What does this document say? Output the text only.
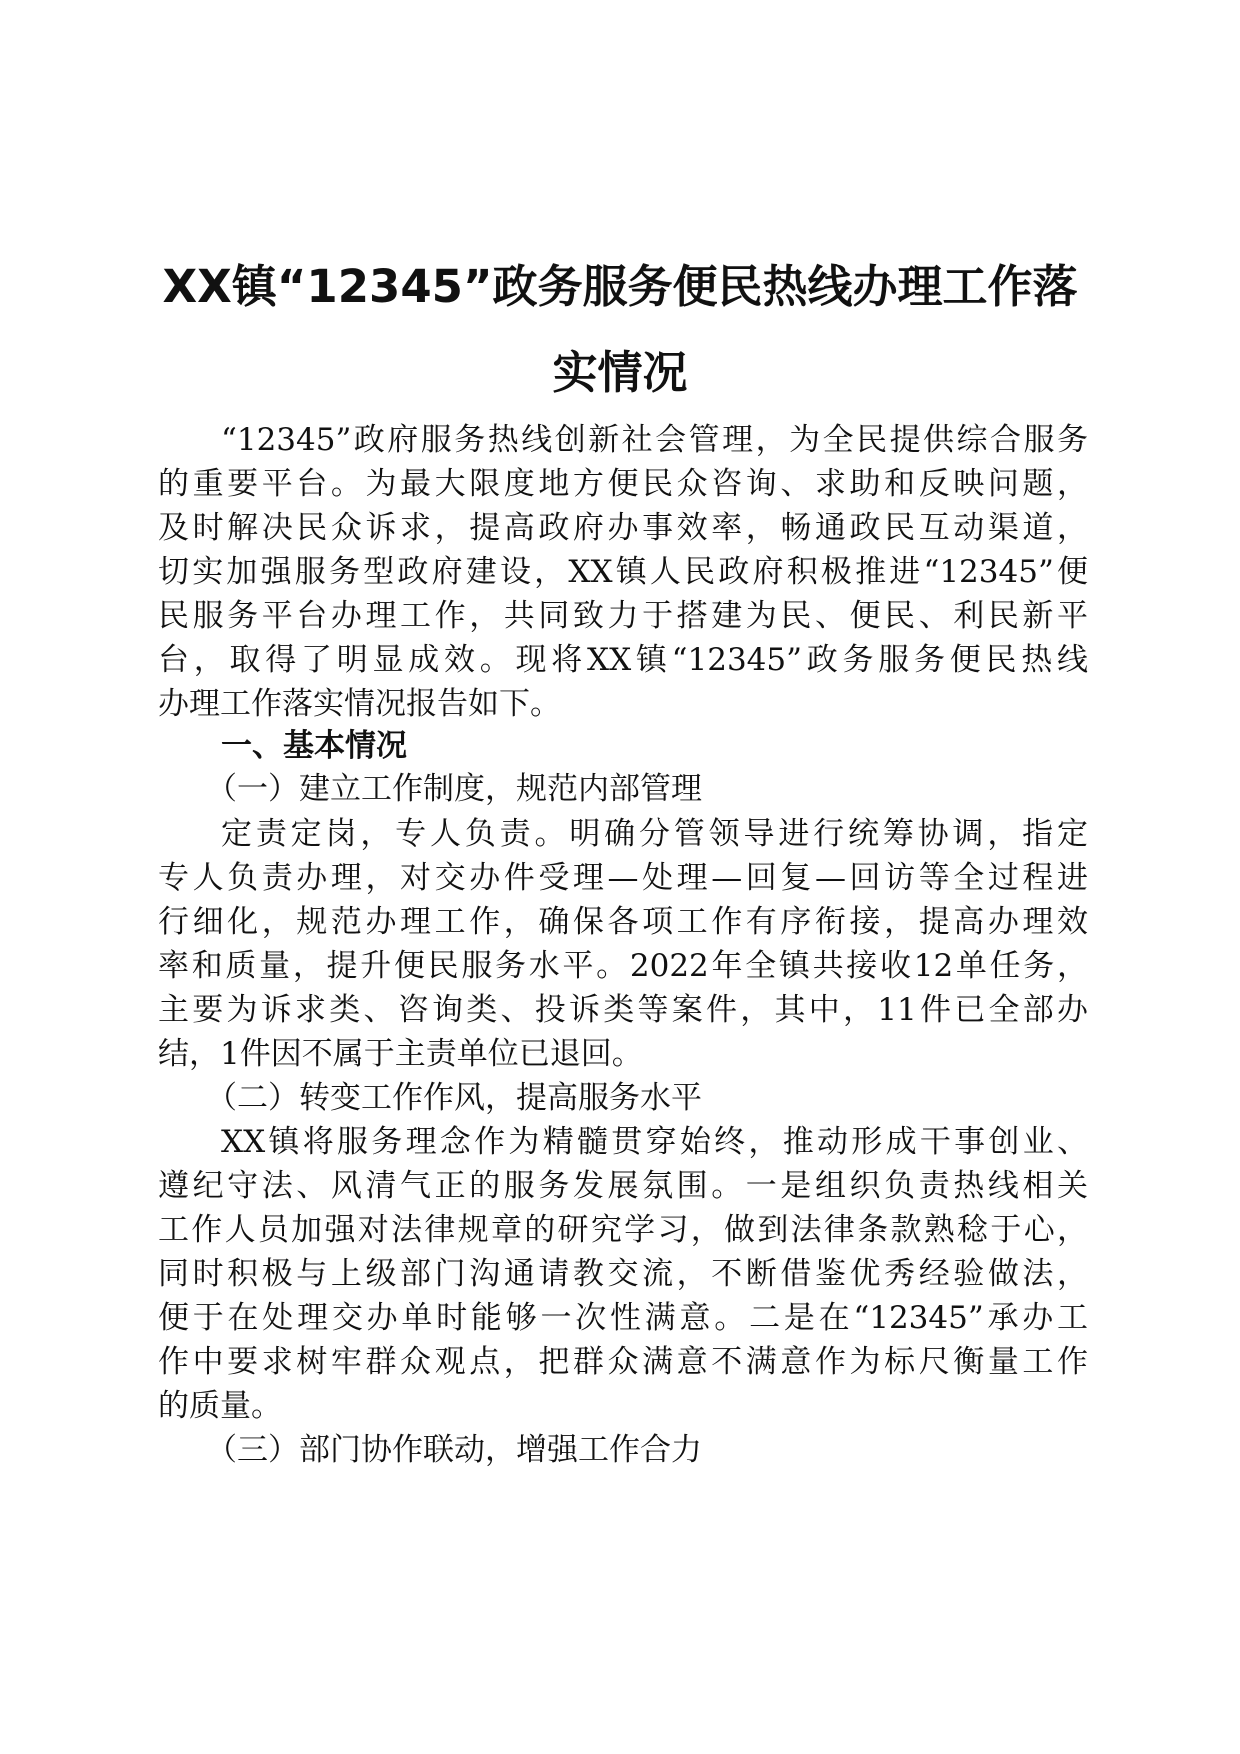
XX镇“12345”政务服务便民热线办理工作落
实情况

“12345”政府服务热线创新社会管理，为全民提供综合服务

的重要平台。为最大限度地方便民众咨询、求助和反映问题，

及时解决民众诉求，提高政府办事效率，畅通政民互动渠道，

切实加强服务型政府建设，XX镇人民政府积极推进“12345”便

民服务平台办理工作，共同致力于搭建为民、便民、利民新平

台，取得了明显成效。现将XX镇“12345”政务服务便民热线

办理工作落实情况报告如下。

一、基本情况

（一）建立工作制度，规范内部管理

定责定岗，专人负责。明确分管领导进行统筹协调，指定

专人负责办理，对交办件受理—处理—回复—回访等全过程进

行细化，规范办理工作，确保各项工作有序衔接，提高办理效

率和质量，提升便民服务水平。2022年全镇共接收12单任务，

主要为诉求类、咨询类、投诉类等案件，其中，11件已全部办

结，1件因不属于主责单位已退回。

（二）转变工作作风，提高服务水平

XX镇将服务理念作为精髓贯穿始终，推动形成干事创业、

遵纪守法、风清气正的服务发展氛围。一是组织负责热线相关

工作人员加强对法律规章的研究学习，做到法律条款熟稔于心，

同时积极与上级部门沟通请教交流，不断借鉴优秀经验做法，

便于在处理交办单时能够一次性满意。二是在“12345”承办工

作中要求树牢群众观点，把群众满意不满意作为标尺衡量工作

的质量。

（三）部门协作联动，增强工作合力
